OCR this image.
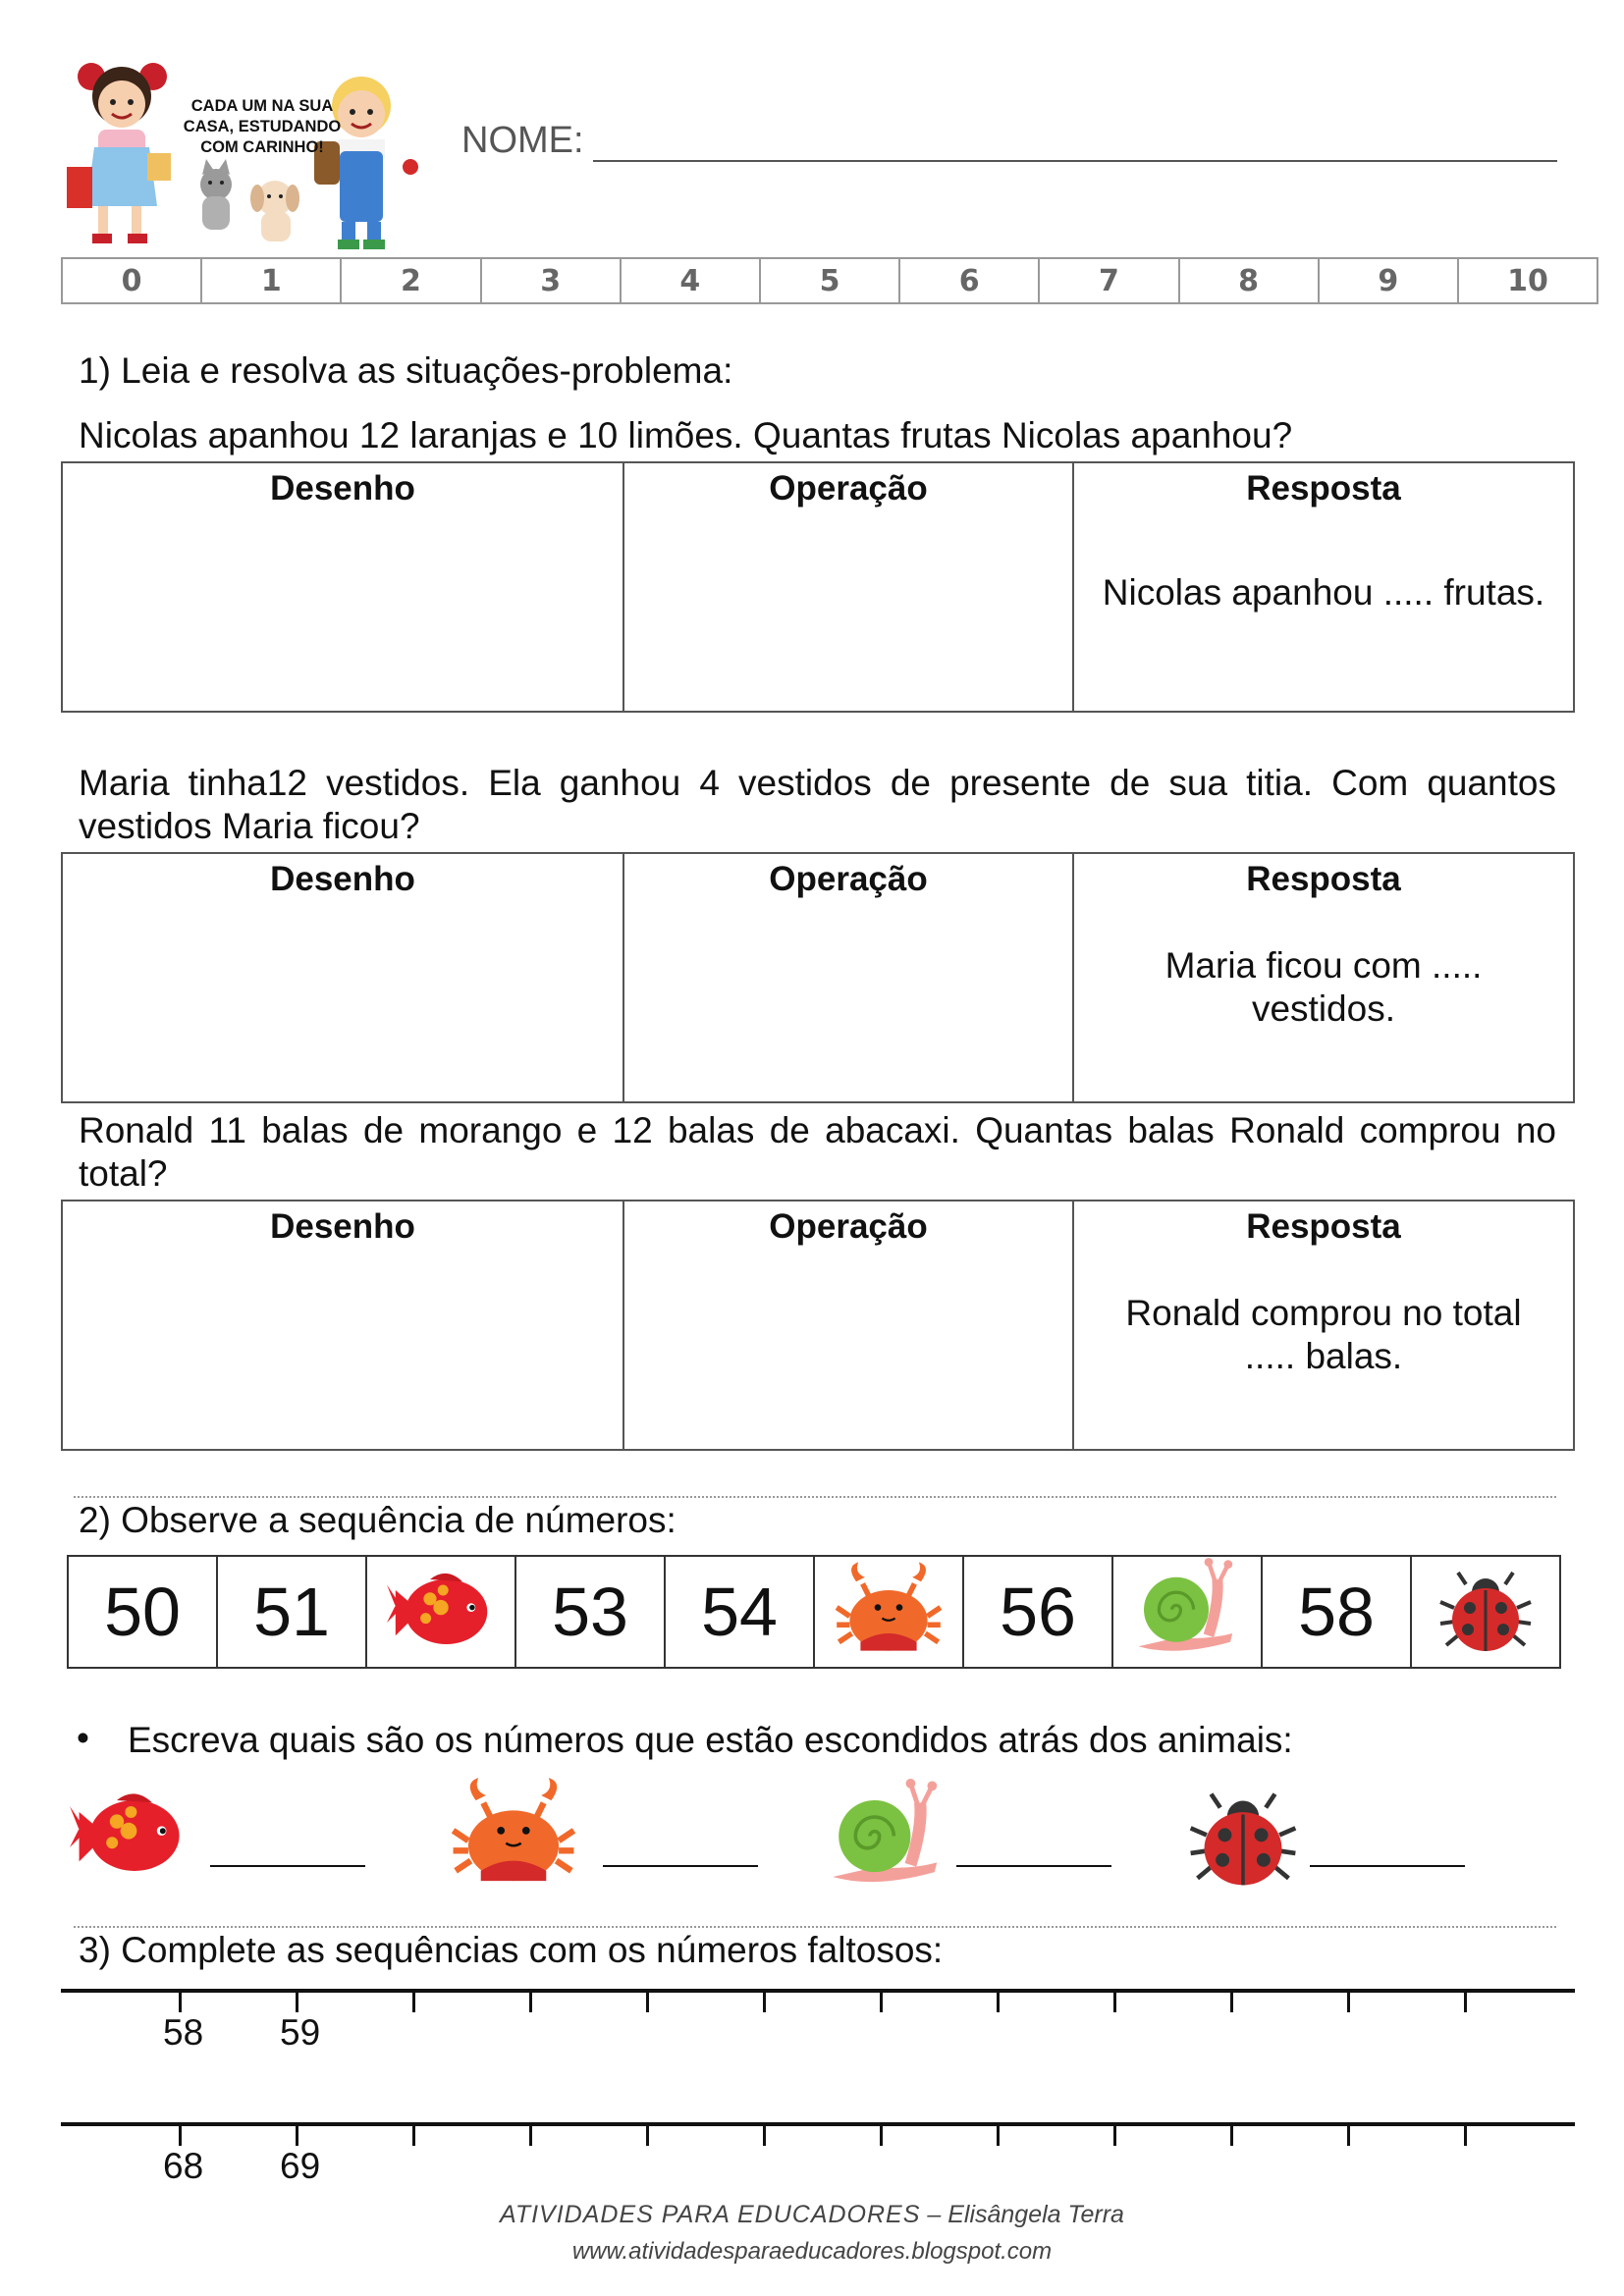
CADA UM NA SUA
CASA, ESTUDANDO
COM CARINHO!	NOME:
0	1	2	3	4	5	6	7	8	9	10
1) Leia e resolva as situações-problema:
Nicolas apanhou 12 laranjas e 10 limões. Quantas frutas Nicolas apanhou?
Desenho	Operação	Resposta
Nicolas apanhou ..... frutas.
Maria tinha12 vestidos. Ela ganhou 4 vestidos de presente de sua titia. Com quantos vestidos Maria ficou?
Desenho	Operação	Resposta
Maria ficou com .....
vestidos.
Ronald 11 balas de morango e 12 balas de abacaxi. Quantas balas Ronald comprou no total?
Desenho	Operação	Resposta
Ronald comprou no total
..... balas.
2) Observe a sequência de números:
50	51	53	54	56	58
• Escreva quais são os números que estão escondidos atrás dos animais:
3) Complete as sequências com os números faltosos:
58 59
68 69
ATIVIDADES PARA EDUCADORES – Elisângela Terra
www.atividadesparaeducadores.blogspot.com
